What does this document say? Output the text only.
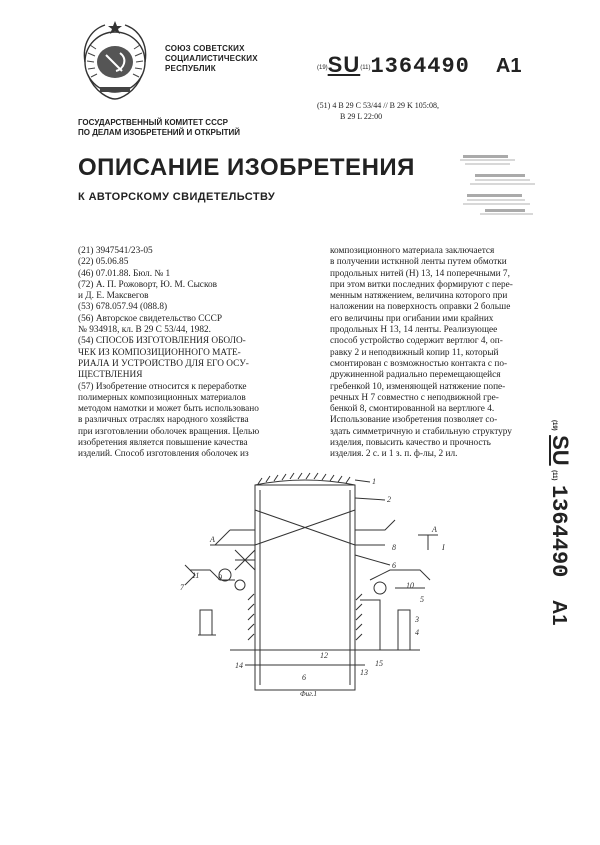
СОЮЗ СОВЕТСКИХ
СОЦИАЛИСТИЧЕСКИХ
РЕСПУБЛИК	(19)SU(11)1364490 A1
(51) 4 B 29 C 53/44 // B 29 K 105:08,
B 29 L 22:00
ГОСУДАРСТВЕННЫЙ КОМИТЕТ СССР
ПО ДЕЛАМ ИЗОБРЕТЕНИЙ И ОТКРЫТИЙ
ОПИСАНИЕ ИЗОБРЕТЕНИЯ
К АВТОРСКОМУ СВИДЕТЕЛЬСТВУ
(21) 3947541/23-05
(22) 05.06.85
(46) 07.01.88. Бюл. № 1
(72) А. П. Рожоворт, Ю. М. Сысков
и Д. Е. Максвегов
(53) 678.057.94 (088.8)
(56) Авторское свидетельство СССР
№ 934918, кл. B 29 C 53/44, 1982.
(54) СПОСОБ ИЗГОТОВЛЕНИЯ ОБОЛО-
ЧЕК ИЗ КОМПОЗИЦИОННОГО МАТЕ-
РИАЛА И УСТРОЙСТВО ДЛЯ ЕГО ОСУ-
ЩЕСТВЛЕНИЯ
(57) Изобретение относится к переработке
полимерных композиционных материалов
методом намотки и может быть использовано
в различных отраслях народного хозяйства
при изготовлении оболочек вращения. Целью
изобретения является повышение качества
изделий. Способ изготовления оболочек из
композиционного материала заключается
в получении исткнной ленты путем обмотки
продольных нитей (Н) 13, 14 поперечными 7,
при этом витки последних формируют с пере-
менным натяжением, величина которого при
наложении на поверхность оправки 2 больше
его величины при огибании ими крайних
продольных Н 13, 14 ленты. Реализующее
способ устройство содержит вертлюг 4, оп-
равку 2 и неподвижный копир 11, который
смонтирован с возможностью контакта с по-
дружиненной радиально перемещающейся
гребенкой 10, изменяющей натяжение попе-
речных Н 7 совместно с неподвижной гре-
бенкой 8, смонтированной на вертлюге 4.
Использование изобретения позволяет со-
здать симметричную и стабильную структуру
изделия, повысить качество и прочность
изделия. 2 с. и 1 з. п. ф-лы, 2 ил.
(19) SU (11) 1364490 A1
A
A
1
2
3
4
5
6
7
8
9
10
11
12
13
14	15
6
I
Фиг.1
